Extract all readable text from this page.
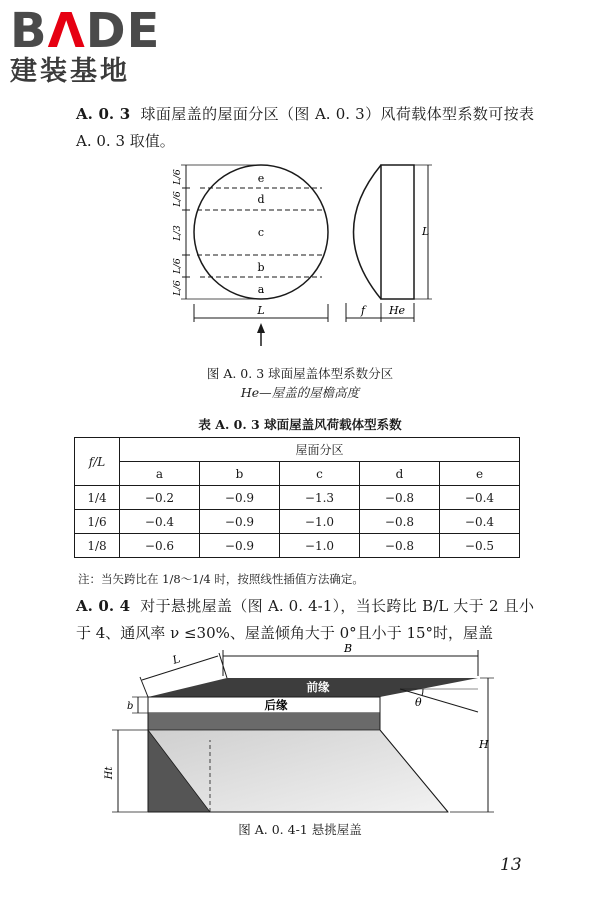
B Λ DE
建装基地
A. 0. 3 球面屋盖的屋面分区（图 A. 0. 3）风荷载体型系数可按表 A. 0. 3 取值。
e
d
c
b
a
L/6
L/6
L/3
L/6
L/6
L
L
f He
图 A. 0. 3 球面屋盖体型系数分区
He—屋盖的屋檐高度
表 A. 0. 3 球面屋盖风荷载体型系数
f/L	屋面分区				
	a	b	c	d	e
1/4	−0.2	−0.9	−1.3	−0.8	−0.4
1/6	−0.4	−0.9	−1.0	−0.8	−0.4
1/8	−0.6	−0.9	−1.0	−0.8	−0.5
注：当矢跨比在 1/8～1/4 时，按照线性插值方法确定。
A. 0. 4 对于悬挑屋盖（图 A. 0. 4-1），当长跨比 B/L 大于 2 且小于 4、通风率 ν ≤30%、屋盖倾角大于 0°且小于 15°时，屋盖
L
B
前缘
后缘	θ
b
Ht
H
图 A. 0. 4-1 悬挑屋盖
13
